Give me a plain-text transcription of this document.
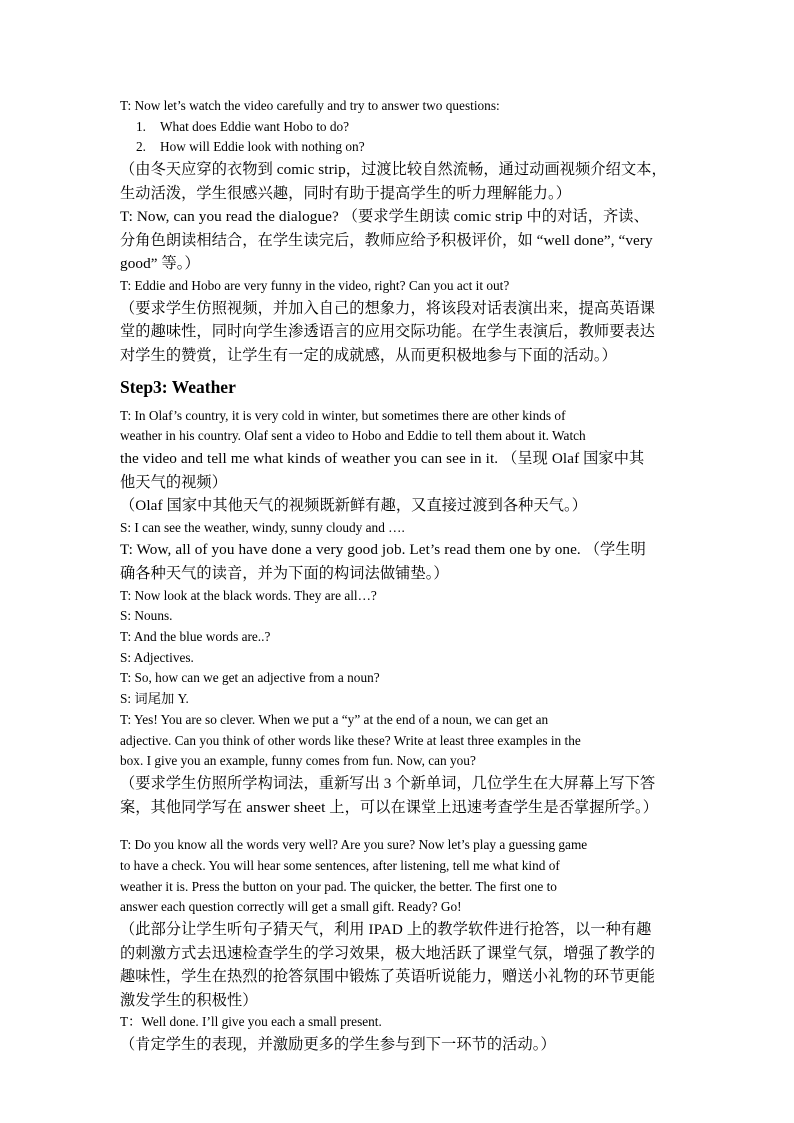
T: Now let’s watch the video carefully and try to answer two questions:
1. What does Eddie want Hobo to do?
2. How will Eddie look with nothing on?
（由冬天应穿的衣物到 comic strip，过渡比较自然流畅，通过动画视频介绍文本，
生动活泼，学生很感兴趣，同时有助于提高学生的听力理解能力。）
T: Now, can you read the dialogue? （要求学生朗读 comic strip 中的对话，齐读、
分角色朗读相结合，在学生读完后，教师应给予积极评价，如 “well done”, “very
good” 等。）
T: Eddie and Hobo are very funny in the video, right? Can you act it out?
（要求学生仿照视频，并加入自己的想象力，将该段对话表演出来，提高英语课
堂的趣味性，同时向学生渗透语言的应用交际功能。在学生表演后，教师要表达
对学生的赞赏，让学生有一定的成就感，从而更积极地参与下面的活动。）
Step3: Weather
T: In Olaf’s country, it is very cold in winter, but sometimes there are other kinds of
weather in his country. Olaf sent a video to Hobo and Eddie to tell them about it. Watch
the video and tell me what kinds of weather you can see in it. （呈现 Olaf 国家中其
他天气的视频）
（Olaf 国家中其他天气的视频既新鲜有趣，又直接过渡到各种天气。）
S: I can see the weather, windy, sunny cloudy and ….
T: Wow, all of you have done a very good job. Let’s read them one by one. （学生明
确各种天气的读音，并为下面的构词法做铺垫。）
T: Now look at the black words. They are all…?
S: Nouns.
T: And the blue words are..?
S: Adjectives.
T: So, how can we get an adjective from a noun?
S: 词尾加 Y.
T: Yes! You are so clever. When we put a “y” at the end of a noun, we can get an
adjective. Can you think of other words like these? Write at least three examples in the
box. I give you an example, funny comes from fun. Now, can you?
（要求学生仿照所学构词法，重新写出 3 个新单词，几位学生在大屏幕上写下答
案，其他同学写在 answer sheet 上，可以在课堂上迅速考查学生是否掌握所学。）
T: Do you know all the words very well? Are you sure? Now let’s play a guessing game
to have a check. You will hear some sentences, after listening, tell me what kind of
weather it is. Press the button on your pad. The quicker, the better. The first one to
answer each question correctly will get a small gift. Ready? Go!
（此部分让学生听句子猜天气，利用 IPAD 上的教学软件进行抢答，以一种有趣
的刺激方式去迅速检查学生的学习效果，极大地活跃了课堂气氛，增强了教学的
趣味性，学生在热烈的抢答氛围中锻炼了英语听说能力，赠送小礼物的环节更能
激发学生的积极性）
T：Well done. I’ll give you each a small present.
（肯定学生的表现，并激励更多的学生参与到下一环节的活动。）
